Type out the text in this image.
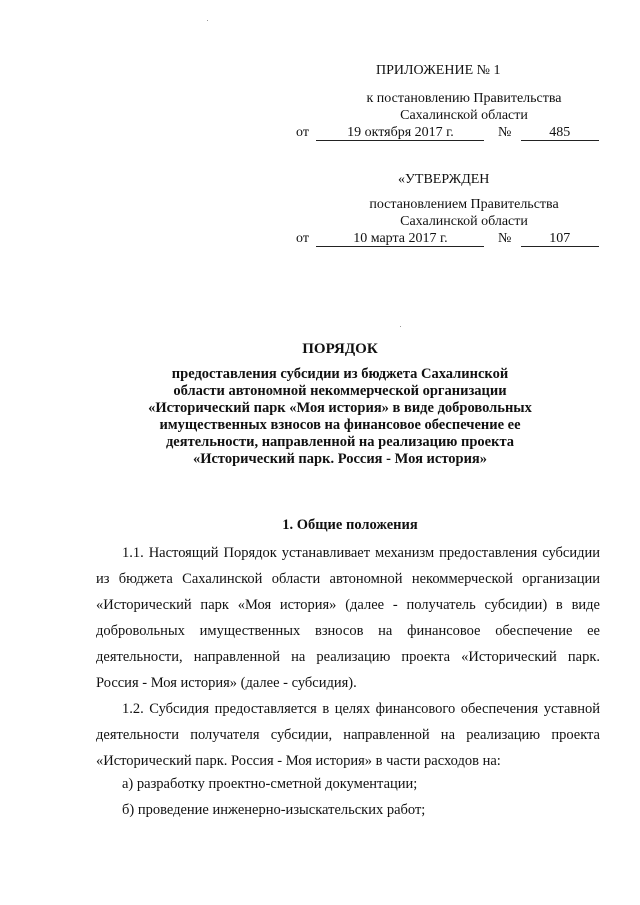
ПРИЛОЖЕНИЕ № 1
к постановлению Правительства
Сахалинской области
от	19 октября 2017 г.	№	485
«УТВЕРЖДЕН
постановлением Правительства
Сахалинской области
от	10 марта 2017 г.	№	107
ПОРЯДОК
предоставления субсидии из бюджета Сахалинской
области автономной некоммерческой организации
«Исторический парк «Моя история» в виде добровольных
имущественных взносов на финансовое обеспечение ее
деятельности, направленной на реализацию проекта
«Исторический парк. Россия - Моя история»
1. Общие положения
1.1. Настоящий Порядок устанавливает механизм предоставления субсидии из бюджета Сахалинской области автономной некоммерческой организации «Исторический парк «Моя история» (далее - получатель субсидии) в виде добровольных имущественных взносов на финансовое обеспечение ее деятельности, направленной на реализацию проекта «Исторический парк. Россия - Моя история» (далее - субсидия).
1.2. Субсидия предоставляется в целях финансового обеспечения уставной деятельности получателя субсидии, направленной на реализацию проекта «Исторический парк. Россия - Моя история» в части расходов на:
а) разработку проектно-сметной документации;
б) проведение инженерно-изыскательских работ;
